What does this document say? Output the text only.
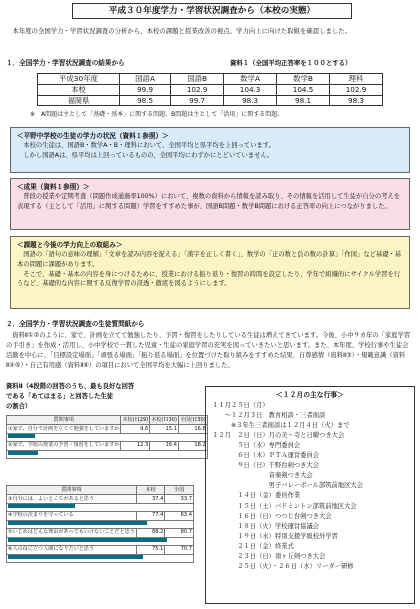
平成３０年度学力・学習状況調査から（本校の実態）
本年度の全国学力・学習状況調査の分析から、本校の課題と授業改善の視点、学力向上に向けた取組を確認しました。
１．全国学力・学習状況調査の結果から	資料１（全国平均正答率を１００とする）
平成30年度	国語A	国語B	数学A	数学B	理科
本校	99.9	102.9	104.3	104.5	102.9
福岡県	98.5	99.7	98.3	98.1	98.3
※　A問題は主として「基礎・基本」に関する問題、B問題は主として「活用」に関する問題。
＜平野中学校の生徒の学力の状況（資料１参照）＞

本校の生徒は、国語B・数学A・B・理科において、全国平均と県平均を上回っています。

しかし国語Aは、県平均は上回っているものの、全国平均にわずかにとどいていません。

＜成果（資料１参照）＞

普段の授業や定期考査（問題作成通過率100%）において、複数の資料から情報を読み取り、その情報を活用して生徒が自分の考えを表現する（主として「活用」に関する問題）学習をすすめた事が、国語B問題・数学B問題における正答率の向上につながりました。

＜課題と今後の学力向上の取組み＞

国語の「語句の意味の理解」「文章を読み内容を捉える」「漢字を正しく書く」、数学の「正の数と負の数の計算」「作図」など基礎・基本の問題に課題があります。

そこで、基礎・基本の内容を身につけるために、授業における振り返り・復習の時間を設定したり、学年で組織的にサイクル学習を行うなど、基礎的な内容に関する反復学習の浸透・徹底を図るようにします。

２．全国学力・学習状況調査の生徒質問紙から
資料Ⅱ①②のように、家で、計画を立てて勉強したり、予習・復習をしたりしている生徒は増えてきています。今後、小中９カ年の「家庭学習の手引き」を作成・活用し、小中学校で一貫した児童・生徒の家庭学習の充実を図っていきたいと思います。また、本年度、学校行事や生徒会活動を中心に、「目標設定場面」「頑張る場面」「振り返る場面」を位置づけた取り組みをすすめた結果、自尊感情（資料Ⅱ③）・規範意識（資料Ⅱ④⑤）・自己有用感（資料Ⅱ⑥）の項目において全国平均を大幅に上回りました。
資料Ⅱ（4段階の回答のうち、最も良好な回答
である「あてはまる」と回答した生徒
の割合）
質問事項	本校(Ｈ29)	本校(Ｈ30)	全国(Ｈ30)
①家で、自分で計画を立てて勉強をしていますか	9.6	15.1	16.6

②家で、学校の授業の予習・復習をしていますか	12.3	16.4	18.2

質問事項	本校	全国
③自分には、よいところがあると思う	37.4	33.7

④学校の決まりを守っている	77.4	63.4

⑤いじめはどんな理由があってもいけないことだと思う	88.2	80.7

⑥人の役に立つ人間になりたいと思う	75.1	70.7

＜１２月の主な行事＞
１１月２５日（月）
　　〜１２月３日　教育相談・三者面談
　　　※３年生三者面談は１２月４日（火）まで
１２月　２日（日）月の美・寺と日曜つき大会
　　　　５日（水）専門委員会
　　　　６日（木）ＰＴＡ運営委員会
　　　　９日（日）千野台剣つき大会
　　　　　　　　　音楽剣つき大会
　　　　　　　　　男子バレーボール部筑前地区大会
　　　　１４日（金）委員作業
　　　　１５日（土）バドミントン部筑前地区大会
　　　　１６日（日）つつじ台剣つき大会
　　　　１８日（火）学校運営協議会
　　　　１９日（水）特別支援学級校外学習
　　　　２１日（金）終業式
　　　　２３日（日）南ヶ丘剣つき大会
　　　　２５日（火）・２６日（水）リーダー研修
